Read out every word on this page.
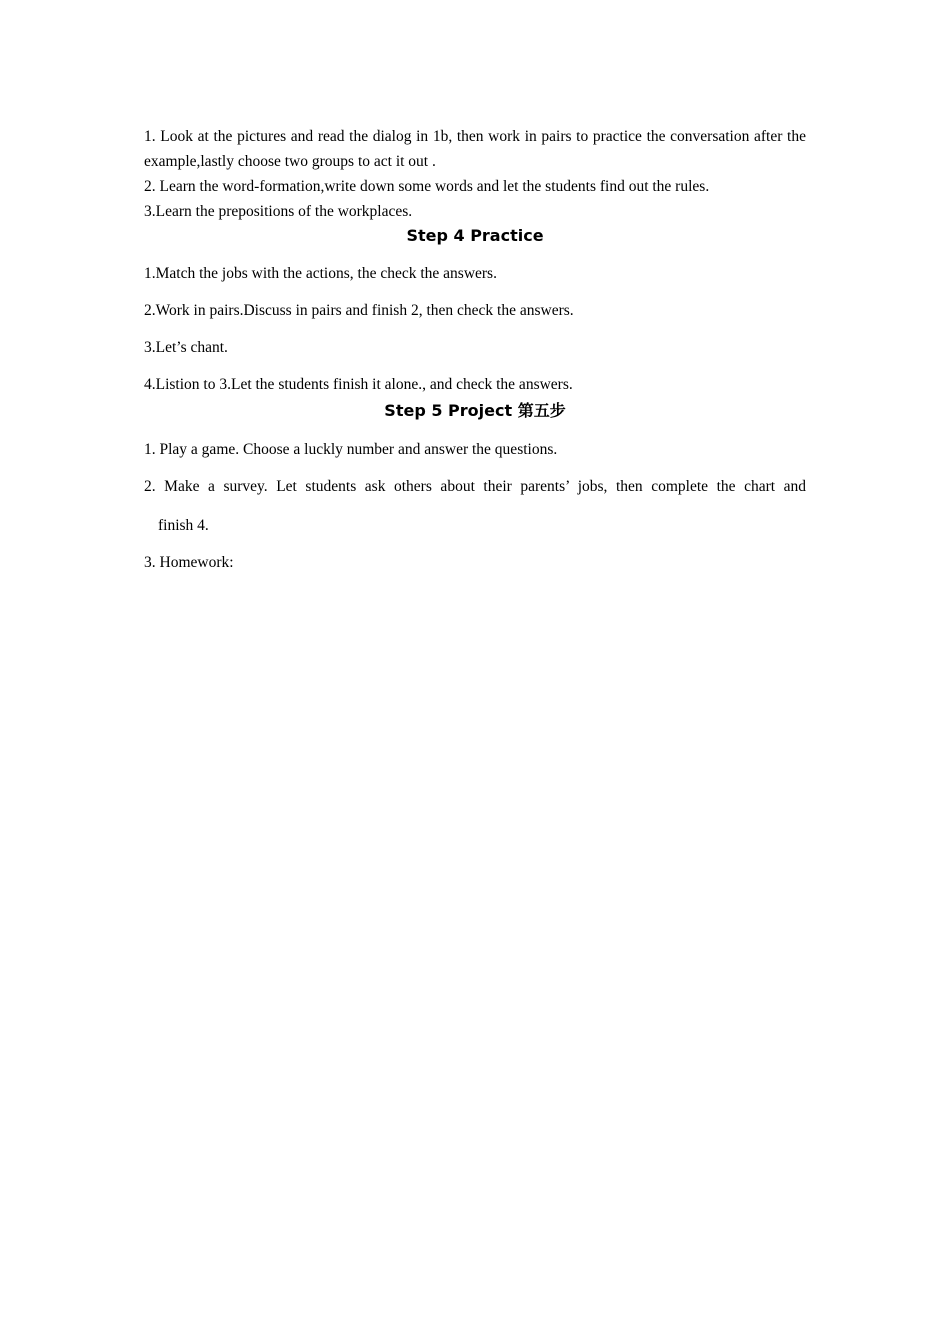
1. Look at the pictures and read the dialog in 1b, then work in pairs to practice the conversation after the example,lastly choose two groups to act it out .

2. Learn the word-formation,write down some words and let the students find out the rules.

3.Learn the prepositions of the workplaces.

Step 4 Practice

1.Match the jobs with the actions, the check the answers.

2.Work in pairs.Discuss in pairs and finish 2, then check the answers.

3.Let’s chant.

4.Listion to 3.Let the students finish it alone., and check the answers.

Step 5 Project 第五步

1. Play a game. Choose a luckly number and answer the questions.

2. Make a survey. Let students ask others about their parents’ jobs, then complete the chart and

finish 4.

3. Homework:
